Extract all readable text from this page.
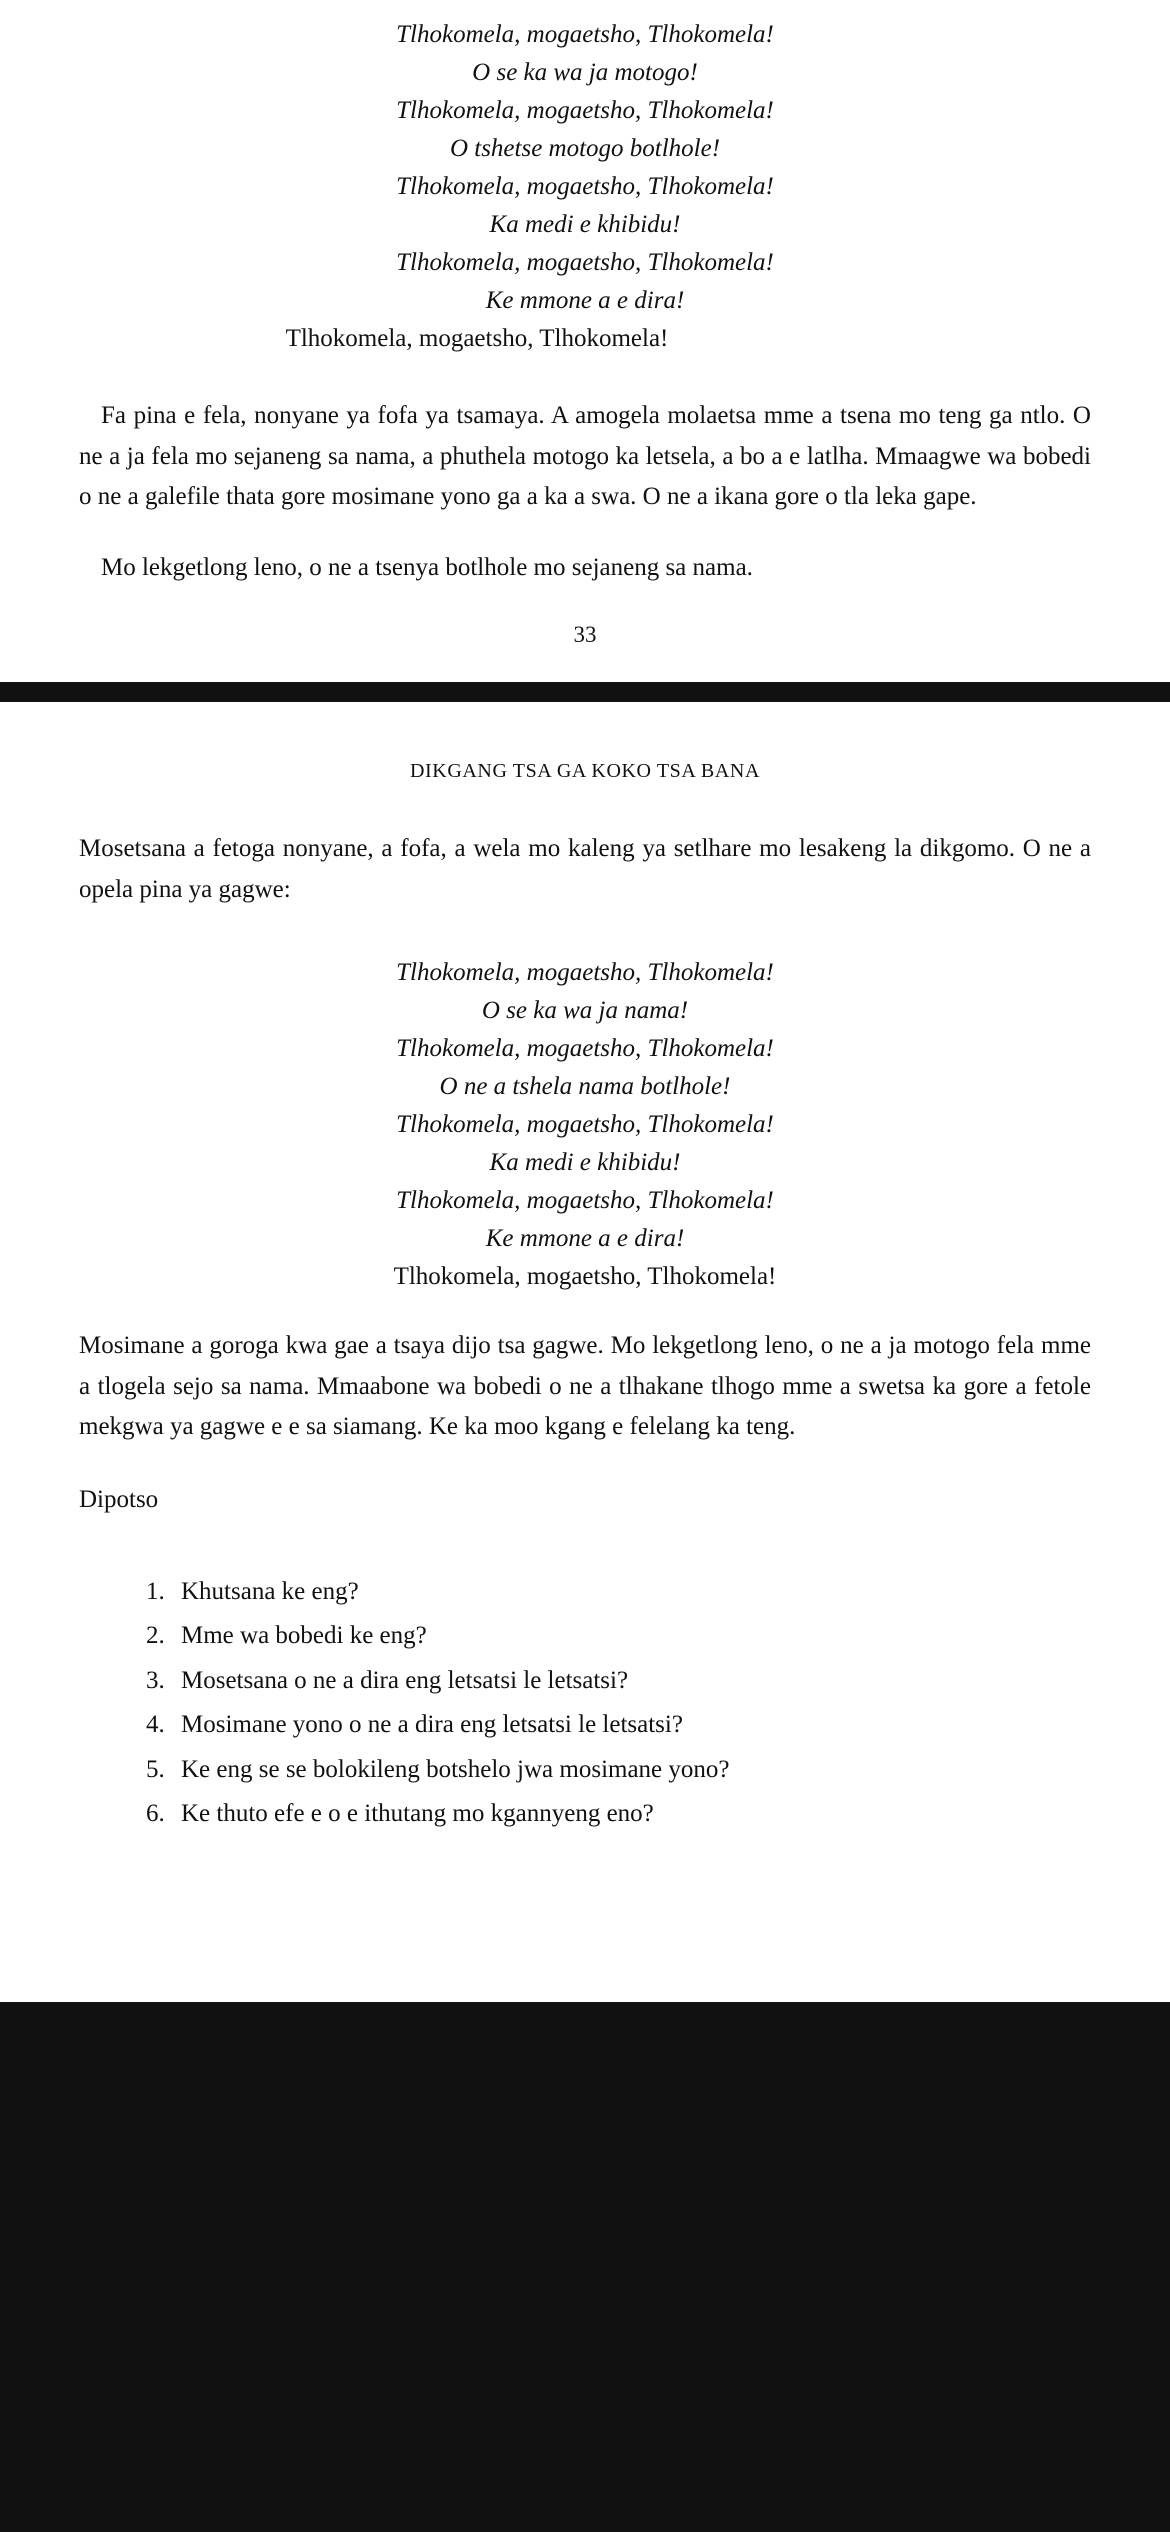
Tlhokomela, mogaetsho, Tlhokomela!
O se ka wa ja motogo!
Tlhokomela, mogaetsho, Tlhokomela!
O tshetse motogo botlhole!
Tlhokomela, mogaetsho, Tlhokomela!
Ka medi e khibidu!
Tlhokomela, mogaetsho, Tlhokomela!
Ke mmone a e dira!
Tlhokomela, mogaetsho, Tlhokomela!

Fa pina e fela, nonyane ya fofa ya tsamaya. A amogela molaetsa mme a tsena mo teng ga ntlo. O ne a ja fela mo sejaneng sa nama, a phuthela motogo ka letsela, a bo a e latlha. Mmaagwe wa bobedi o ne a galefile thata gore mosimane yono ga a ka a swa. O ne a ikana gore o tla leka gape.

Mo lekgetlong leno, o ne a tsenya botlhole mo sejaneng sa nama.

33
DIKGANG TSA GA KOKO TSA BANA

Mosetsana a fetoga nonyane, a fofa, a wela mo kaleng ya setlhare mo lesakeng la dikgomo. O ne a opela pina ya gagwe:

Tlhokomela, mogaetsho, Tlhokomela!
O se ka wa ja nama!
Tlhokomela, mogaetsho, Tlhokomela!
O ne a tshela nama botlhole!
Tlhokomela, mogaetsho, Tlhokomela!
Ka medi e khibidu!
Tlhokomela, mogaetsho, Tlhokomela!
Ke mmone a e dira!
Tlhokomela, mogaetsho, Tlhokomela!

Mosimane a goroga kwa gae a tsaya dijo tsa gagwe. Mo lekgetlong leno, o ne a ja motogo fela mme a tlogela sejo sa nama. Mmaabone wa bobedi o ne a tlhakane tlhogo mme a swetsa ka gore a fetole mekgwa ya gagwe e e sa siamang. Ke ka moo kgang e felelang ka teng.

Dipotso
1. Khutsana ke eng?
2. Mme wa bobedi ke eng?
3. Mosetsana o ne a dira eng letsatsi le letsatsi?
4. Mosimane yono o ne a dira eng letsatsi le letsatsi?
5. Ke eng se se bolokileng botshelo jwa mosimane yono?
6. Ke thuto efe e o e ithutang mo kgannyeng eno?
